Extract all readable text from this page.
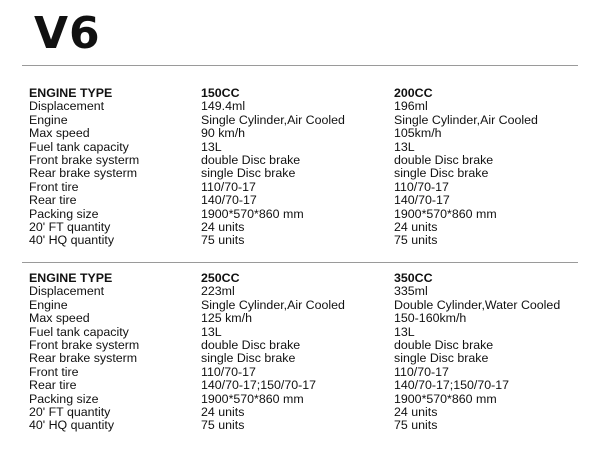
V6
ENGINE TYPE	150CC	200CC
Displacement	149.4ml	196ml
Engine	Single Cylinder,Air Cooled	Single Cylinder,Air Cooled
Max speed	90 km/h	105km/h
Fuel tank capacity	13L	13L
Front brake systerm	double Disc brake	double Disc brake
Rear brake systerm	single Disc brake	single Disc brake
Front tire	110/70-17	110/70-17
Rear tire	140/70-17	140/70-17
Packing size	1900*570*860 mm	1900*570*860 mm
20' FT quantity	24 units	24 units
40' HQ quantity	75 units	75 units
ENGINE TYPE	250CC	350CC
Displacement	223ml	335ml
Engine	Single Cylinder,Air Cooled	Double Cylinder,Water Cooled
Max speed	125 km/h	150-160km/h
Fuel tank capacity	13L	13L
Front brake systerm	double Disc brake	double Disc brake
Rear brake systerm	single Disc brake	single Disc brake
Front tire	110/70-17	110/70-17
Rear tire	140/70-17;150/70-17	140/70-17;150/70-17
Packing size	1900*570*860 mm	1900*570*860 mm
20' FT quantity	24 units	24 units
40' HQ quantity	75 units	75 units
